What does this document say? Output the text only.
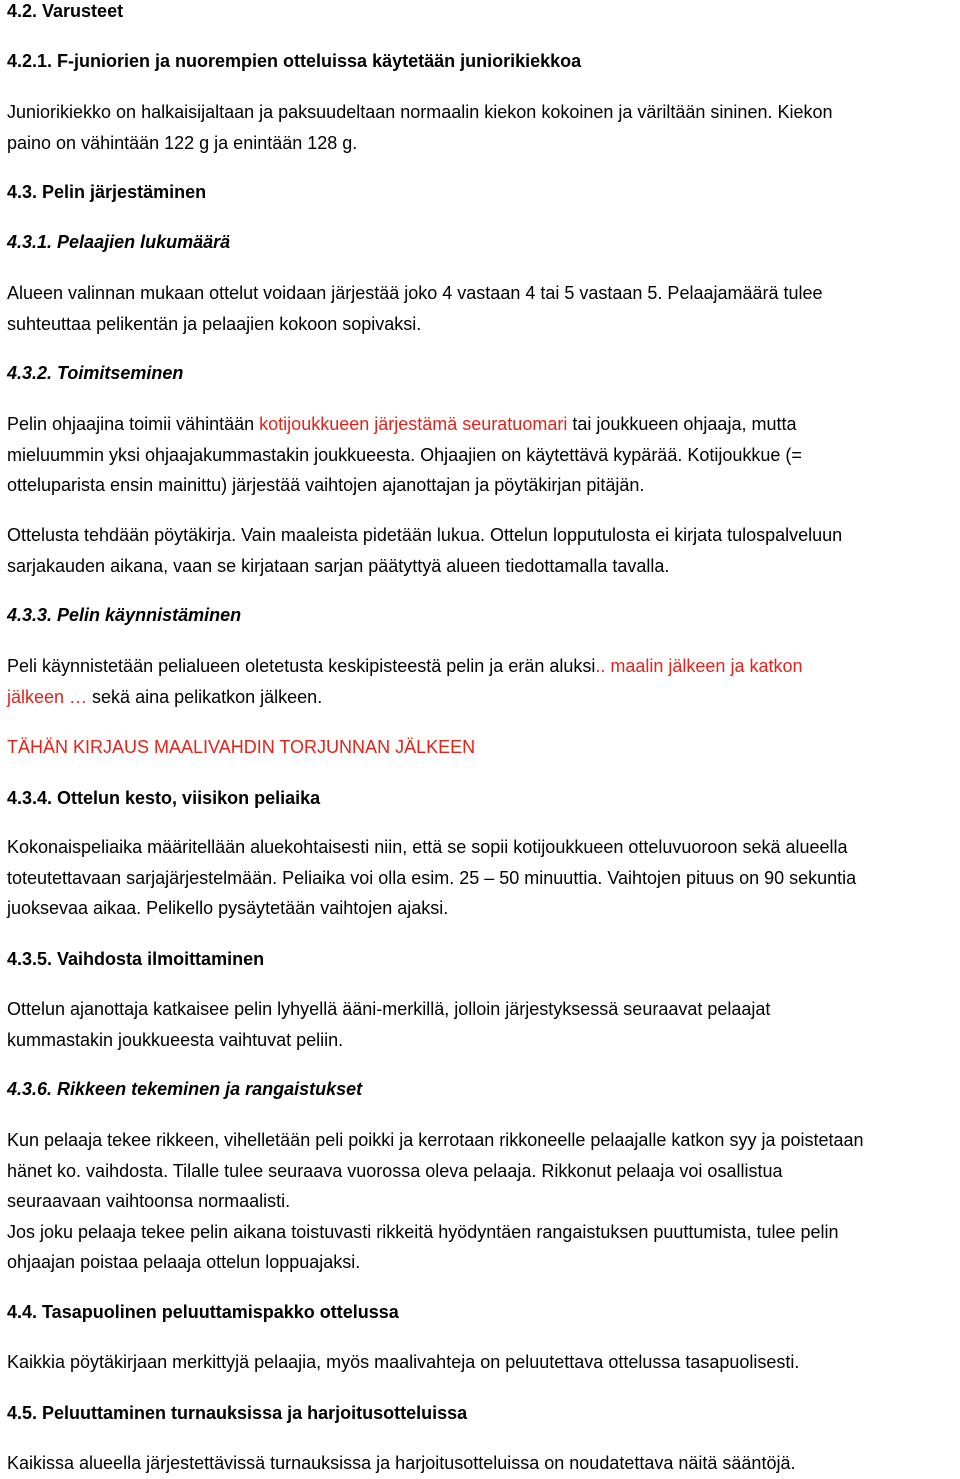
4.2. Varusteet
4.2.1. F-juniorien ja nuorempien otteluissa käytetään juniorikiekkoa

Juniorikiekko on halkaisijaltaan ja paksuudeltaan normaalin kiekon kokoinen ja väriltään sininen. Kiekon

paino on vähintään 122 g ja enintään 128 g.

4.3. Pelin järjestäminen
4.3.1. Pelaajien lukumäärä

Alueen valinnan mukaan ottelut voidaan järjestää joko 4 vastaan 4 tai 5 vastaan 5. Pelaajamäärä tulee

suhteuttaa pelikentän ja pelaajien kokoon sopivaksi.

4.3.2. Toimitseminen

Pelin ohjaajina toimii vähintään kotijoukkueen järjestämä seuratuomari tai joukkueen ohjaaja, mutta

mieluummin yksi ohjaajakummastakin joukkueesta. Ohjaajien on käytettävä kypärää. Kotijoukkue (=

otteluparista ensin mainittu) järjestää vaihtojen ajanottajan ja pöytäkirjan pitäjän.

Ottelusta tehdään pöytäkirja. Vain maaleista pidetään lukua. Ottelun lopputulosta ei kirjata tulospalveluun

sarjakauden aikana, vaan se kirjataan sarjan päätyttyä alueen tiedottamalla tavalla.

4.3.3. Pelin käynnistäminen

Peli käynnistetään pelialueen oletetusta keskipisteestä pelin ja erän aluksi.. maalin jälkeen ja katkon

jälkeen … sekä aina pelikatkon jälkeen.

TÄHÄN KIRJAUS MAALIVAHDIN TORJUNNAN JÄLKEEN

4.3.4. Ottelun kesto, viisikon peliaika

Kokonaispeliaika määritellään aluekohtaisesti niin, että se sopii kotijoukkueen otteluvuoroon sekä alueella

toteutettavaan sarjajärjestelmään. Peliaika voi olla esim. 25 – 50 minuuttia. Vaihtojen pituus on 90 sekuntia

juoksevaa aikaa. Pelikello pysäytetään vaihtojen ajaksi.

4.3.5. Vaihdosta ilmoittaminen

Ottelun ajanottaja katkaisee pelin lyhyellä ääni-merkillä, jolloin järjestyksessä seuraavat pelaajat

kummastakin joukkueesta vaihtuvat peliin.

4.3.6. Rikkeen tekeminen ja rangaistukset

Kun pelaaja tekee rikkeen, vihelletään peli poikki ja kerrotaan rikkoneelle pelaajalle katkon syy ja poistetaan

hänet ko. vaihdosta. Tilalle tulee seuraava vuorossa oleva pelaaja. Rikkonut pelaaja voi osallistua

seuraavaan vaihtoonsa normaalisti.

Jos joku pelaaja tekee pelin aikana toistuvasti rikkeitä hyödyntäen rangaistuksen puuttumista, tulee pelin

ohjaajan poistaa pelaaja ottelun loppuajaksi.

4.4. Tasapuolinen peluuttamispakko ottelussa

Kaikkia pöytäkirjaan merkittyjä pelaajia, myös maalivahteja on peluutettava ottelussa tasapuolisesti.

4.5. Peluuttaminen turnauksissa ja harjoitusotteluissa

Kaikissa alueella järjestettävissä turnauksissa ja harjoitusotteluissa on noudatettava näitä sääntöjä.
